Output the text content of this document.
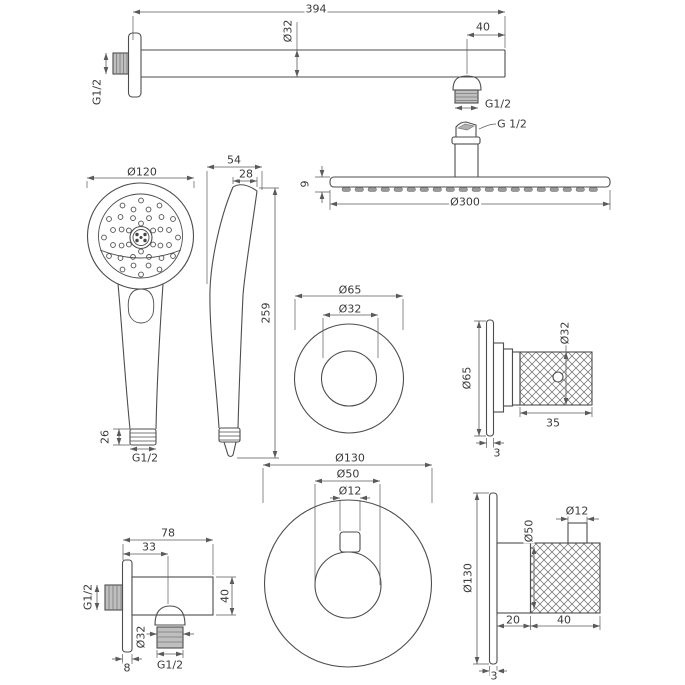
394
Ø32	40
G1/2	G1/2
G 1/2
9
Ø300
Ø120
26
G1/2
54
28
259
Ø65
Ø32
Ø65
Ø32
35
3
Ø130
Ø50
Ø12
Ø12
Ø50
Ø130
20	40
3
78
33
G1/2
Ø32
40
8 G1/2
